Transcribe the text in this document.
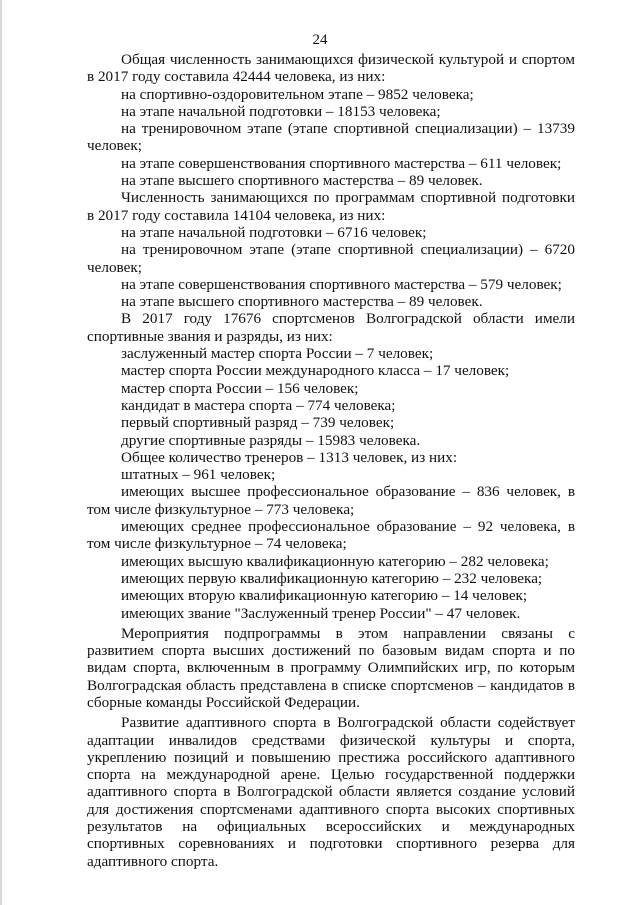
24

Общая численность занимающихся физической культурой и спортом в 2017 году составила 42444 человека, из них:

на спортивно-оздоровительном этапе – 9852 человека;

на этапе начальной подготовки – 18153 человека;

на тренировочном этапе (этапе спортивной специализации) – 13739 человек;

на этапе совершенствования спортивного мастерства – 611 человек;

на этапе высшего спортивного мастерства – 89 человек.

Численность занимающихся по программам спортивной подготовки в 2017 году составила 14104 человека, из них:

на этапе начальной подготовки – 6716 человек;

на тренировочном этапе (этапе спортивной специализации) – 6720 человек;

на этапе совершенствования спортивного мастерства – 579 человек;

на этапе высшего спортивного мастерства – 89 человек.

В 2017 году 17676 спортсменов Волгоградской области имели спортивные звания и разряды, из них:

заслуженный мастер спорта России – 7 человек;

мастер спорта России международного класса – 17 человек;

мастер спорта России – 156 человек;

кандидат в мастера спорта – 774 человека;

первый спортивный разряд – 739 человек;

другие спортивные разряды – 15983 человека.

Общее количество тренеров – 1313 человек, из них:

штатных – 961 человек;

имеющих высшее профессиональное образование – 836 человек, в том числе физкультурное – 773 человека;

имеющих среднее профессиональное образование – 92 человека, в том числе физкультурное – 74 человека;

имеющих высшую квалификационную категорию – 282 человека;

имеющих первую квалификационную категорию – 232 человека;

имеющих вторую квалификационную категорию – 14 человек;

имеющих звание "Заслуженный тренер России" – 47 человек.

Мероприятия подпрограммы в этом направлении связаны с развитием спорта высших достижений по базовым видам спорта и по видам спорта, включенным в программу Олимпийских игр, по которым Волгоградская область представлена в списке спортсменов – кандидатов в сборные команды Российской Федерации.

Развитие адаптивного спорта в Волгоградской области содействует адаптации инвалидов средствами физической культуры и спорта, укреплению позиций и повышению престижа российского адаптивного спорта на международной арене. Целью государственной поддержки адаптивного спорта в Волгоградской области является создание условий для достижения спортсменами адаптивного спорта высоких спортивных результатов на официальных всероссийских и международных спортивных соревнованиях и подготовки спортивного резерва для адаптивного спорта.
